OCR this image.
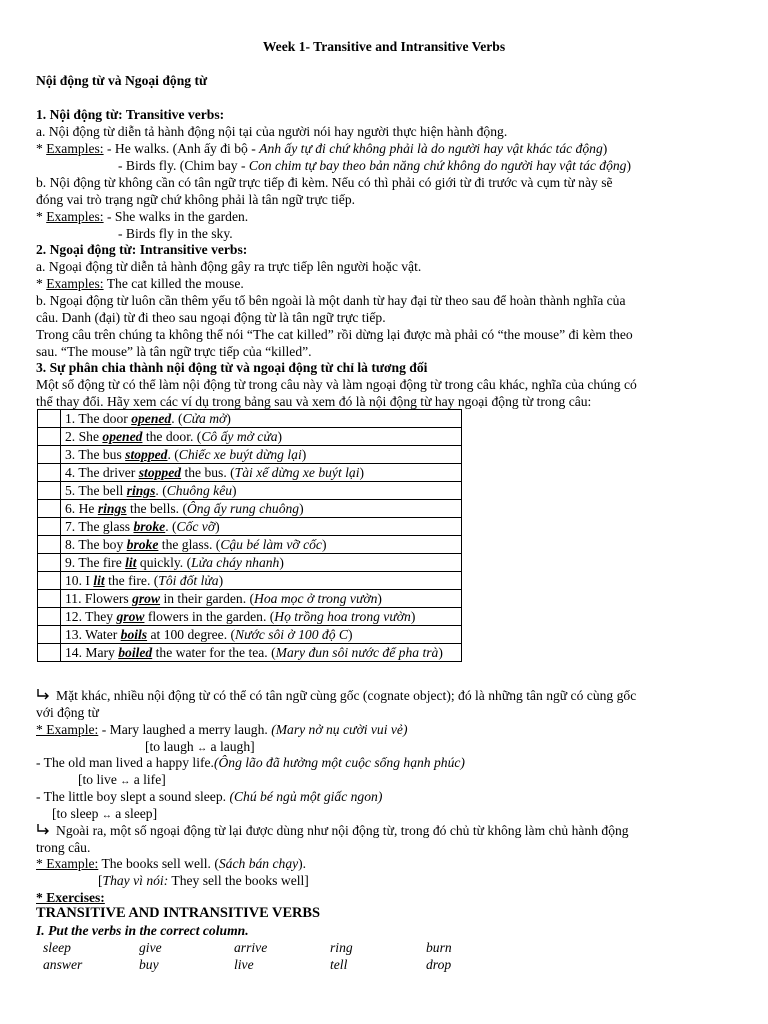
Week 1- Transitive and Intransitive Verbs
Nội động từ và Ngoại động từ
1. Nội động từ: Transitive verbs:
a. Nội động từ diễn tả hành động nội tại của người nói hay người thực hiện hành động.
* Examples: - He walks. (Anh ấy đi bộ - Anh ấy tự đi chứ không phải là do người hay vật khác tác động)
- Birds fly. (Chim bay - Con chim tự bay theo bản năng chứ không do người hay vật tác động)
b. Nội động từ không cần có tân ngữ trực tiếp đi kèm. Nếu có thì phải có giới từ đi trước và cụm từ này sẽ
đóng vai trò trạng ngữ chứ không phải là tân ngữ trực tiếp.
* Examples: - She walks in the garden.
- Birds fly in the sky.
2. Ngoại động từ: Intransitive verbs:
a. Ngoại động từ diễn tả hành động gây ra trực tiếp lên người hoặc vật.
* Examples: The cat killed the mouse.
b. Ngoại động từ luôn cần thêm yếu tố bên ngoài là một danh từ hay đại từ theo sau để hoàn thành nghĩa của
câu. Danh (đại) từ đi theo sau ngoại động từ là tân ngữ trực tiếp.
Trong câu trên chúng ta không thể nói “The cat killed” rồi dừng lại được mà phải có “the mouse” đi kèm theo
sau. “The mouse” là tân ngữ trực tiếp của “killed”.
3. Sự phân chia thành nội động từ và ngoại động từ chỉ là tương đối
Một số động từ có thể làm nội động từ trong câu này và làm ngoại động từ trong câu khác, nghĩa của chúng có
thể thay đổi. Hãy xem các ví dụ trong bảng sau và xem đó là nội động từ hay ngoại động từ trong câu:
	1. The door opened. (Cửa mở)
	2. She opened the door. (Cô ấy mở cửa)
	3. The bus stopped. (Chiếc xe buýt dừng lại)
	4. The driver stopped the bus. (Tài xế dừng xe buýt lại)
	5. The bell rings. (Chuông kêu)
	6. He rings the bells. (Ông ấy rung chuông)
	7. The glass broke. (Cốc vỡ)
	8. The boy broke the glass. (Cậu bé làm vỡ cốc)
	9. The fire lit quickly. (Lửa cháy nhanh)
	10. I lit the fire. (Tôi đốt lửa)
	11. Flowers grow in their garden. (Hoa mọc ở trong vườn)
	12. They grow flowers in the garden. (Họ trồng hoa trong vườn)
	13. Water boils at 100 degree. (Nước sôi ở 100 độ C)
	14. Mary boiled the water for the tea. (Mary đun sôi nước để pha trà)
Mặt khác, nhiều nội động từ có thể có tân ngữ cùng gốc (cognate object); đó là những tân ngữ có cùng gốc
với động từ
* Example: - Mary laughed a merry laugh. (Mary nở nụ cười vui vẻ)
[to laugh ↔ a laugh]
- The old man lived a happy life.(Ông lão đã hưởng một cuộc sống hạnh phúc)
[to live ↔ a life]
- The little boy slept a sound sleep. (Chú bé ngủ một giấc ngon)
[to sleep ↔ a sleep]
Ngoài ra, một số ngoại động từ lại được dùng như nội động từ, trong đó chủ từ không làm chủ hành động
trong câu.
* Example: The books sell well. (Sách bán chạy).
[Thay vì nói: They sell the books well]
* Exercises:
TRANSITIVE AND INTRANSITIVE VERBS
I. Put the verbs in the correct column.
sleep	give	arrive	ring	burn
answer	buy	live	tell	drop
